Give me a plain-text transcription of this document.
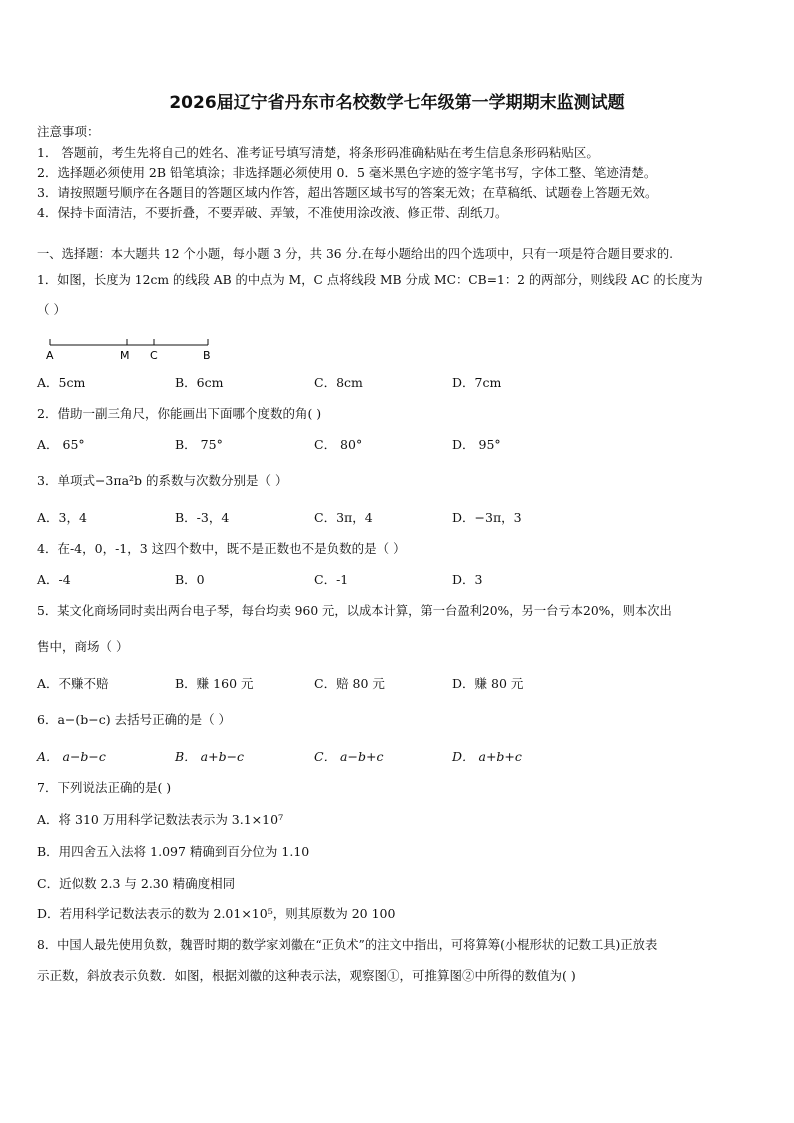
2026届辽宁省丹东市名校数学七年级第一学期期末监测试题
注意事项：
1． 答题前，考生先将自己的姓名、准考证号填写清楚，将条形码准确粘贴在考生信息条形码粘贴区。
2．选择题必须使用 2B 铅笔填涂；非选择题必须使用 0．5 毫米黑色字迹的签字笔书写，字体工整、笔迹清楚。
3．请按照题号顺序在各题目的答题区域内作答，超出答题区域书写的答案无效；在草稿纸、试题卷上答题无效。
4．保持卡面清洁，不要折叠，不要弄破、弄皱，不准使用涂改液、修正带、刮纸刀。
一、选择题：本大题共 12 个小题，每小题 3 分，共 36 分.在每小题给出的四个选项中，只有一项是符合题目要求的.
1．如图，长度为 12cm 的线段 AB 的中点为 M，C 点将线段 MB 分成 MC：CB=1：2 的两部分，则线段 AC 的长度为
（ ）
A	M C	B
A．5cm	B．6cm	C．8cm	D．7cm
2．借助一副三角尺，你能画出下面哪个度数的角( )
A． 65°	B． 75°	C． 80°	D． 95°
3．单项式−3πa²b 的系数与次数分别是（ ）
A．3，4	B．-3，4	C．3π，4	D．−3π，3
4．在-4，0，-1，3 这四个数中，既不是正数也不是负数的是（ ）
A．-4	B．0	C．-1	D．3
5．某文化商场同时卖出两台电子琴，每台均卖 960 元，以成本计算，第一台盈利20%，另一台亏本20%，则本次出
售中，商场（ ）
A．不赚不赔	B．赚 160 元	C．赔 80 元	D．赚 80 元
6．a−(b−c) 去括号正确的是（ ）
A． a−b−c	B． a+b−c	C． a−b+c	D． a+b+c
7．下列说法正确的是( )
A．将 310 万用科学记数法表示为 3.1×10⁷
B．用四舍五入法将 1.097 精确到百分位为 1.10
C．近似数 2.3 与 2.30 精确度相同
D．若用科学记数法表示的数为 2.01×10⁵，则其原数为 20 100
8．中国人最先使用负数，魏晋时期的数学家刘徽在“正负术”的注文中指出，可将算筹(小棍形状的记数工具)正放表
示正数，斜放表示负数．如图，根据刘徽的这种表示法，观察图①，可推算图②中所得的数值为( )
